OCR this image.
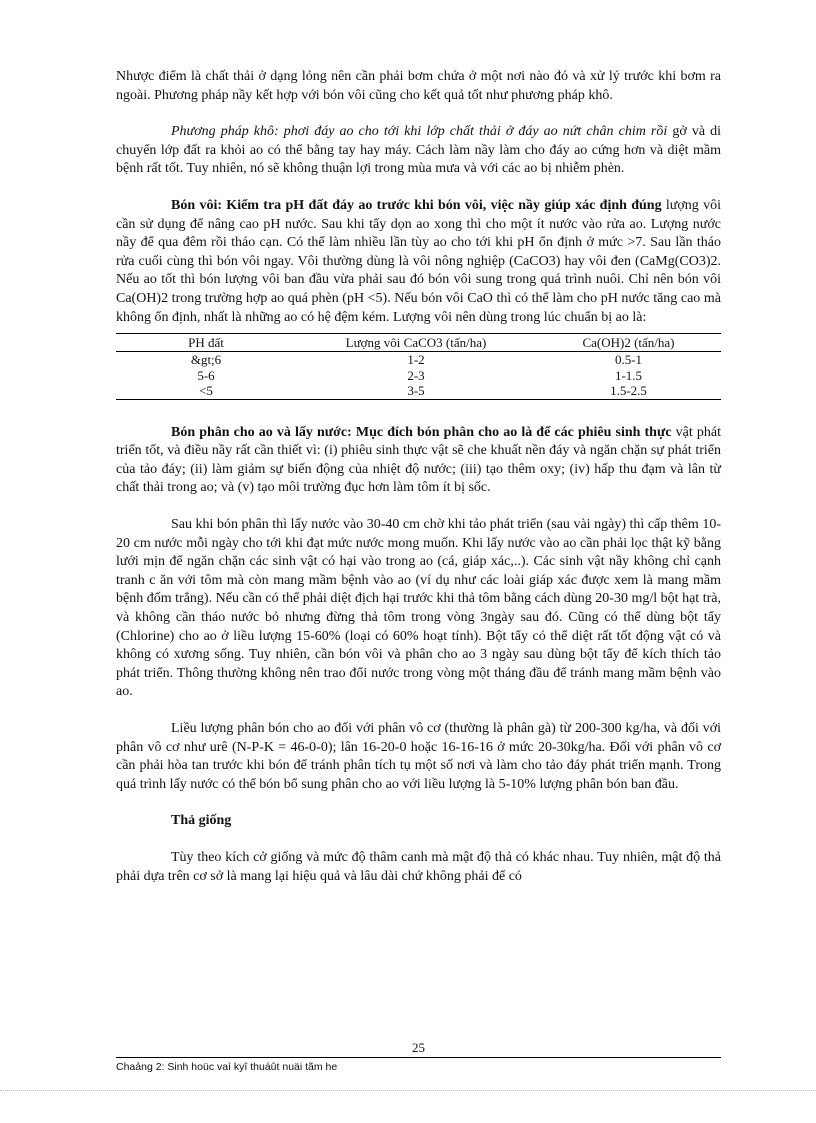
Nhược điểm là chất thải ở dạng lỏng nên cần phải bơm chứa ở một nơi nào đó và xử lý trước khi bơm ra ngoài. Phương pháp nầy kết hợp với bón vôi cũng cho kết quả tốt như phương pháp khô.

Phương pháp khô: phơi đáy ao cho tới khi lớp chất thải ở đáy ao nứt chân chim rồi gở và di chuyển lớp đất ra khỏi ao có thể bằng tay hay máy. Cách làm nầy làm cho đáy ao cứng hơn và diệt mầm bệnh rất tốt. Tuy nhiên, nó sẽ không thuận lợi trong mùa mưa và với các ao bị nhiễm phèn.

Bón vôi: Kiểm tra pH đất đáy ao trước khi bón vôi, việc nầy giúp xác định đúng lượng vôi cần sử dụng để nâng cao pH nước. Sau khi tẩy dọn ao xong thì cho một ít nước vào rửa ao. Lượng nước nầy để qua đêm rồi tháo cạn. Có thể làm nhiều lần tùy ao cho tới khi pH ổn định ở mức >7. Sau lần tháo rửa cuối cùng thì bón vôi ngay. Vôi thường dùng là vôi nông nghiệp (CaCO3) hay vôi đen (CaMg(CO3)2. Nếu ao tốt thì bón lượng vôi ban đầu vừa phải sau đó bón vôi sung trong quá trình nuôi. Chỉ nên bón vôi Ca(OH)2 trong trường hợp ao quá phèn (pH <5). Nếu bón vôi CaO thì có thể làm cho pH nước tăng cao mà không ổn định, nhất là những ao có hệ đệm kém. Lượng vôi nên dùng trong lúc chuẩn bị ao là:

PH đất	Lượng vôi CaCO3 (tấn/ha)	Ca(OH)2 (tấn/ha)
&gt;6	1-2	0.5-1
5-6	2-3	1-1.5
<5	3-5	1.5-2.5

Bón phân cho ao và lấy nước: Mục đích bón phân cho ao là để các phiêu sinh thực vật phát triển tốt, và điều nầy rất cần thiết vì: (i) phiêu sinh thực vật sẽ che khuất nền đáy và ngăn chặn sự phát triển của tảo đáy; (ii) làm giảm sự biến động của nhiệt độ nước; (iii) tạo thêm oxy; (iv) hấp thu đạm và lân từ chất thải trong ao; và (v) tạo môi trường đục hơn làm tôm ít bị sốc.

Sau khi bón phân thì lấy nước vào 30-40 cm chờ khi tảo phát triển (sau vài ngày) thì cấp thêm 10-20 cm nước mỗi ngày cho tới khi đạt mức nước mong muốn. Khi lấy nước vào ao cần phải lọc thật kỹ bằng lưới mịn để ngăn chặn các sinh vật có hại vào trong ao (cá, giáp xác,..). Các sinh vật nầy không chỉ cạnh tranh c ăn với tôm mà còn mang mầm bệnh vào ao (ví dụ như các loài giáp xác được xem là mang mầm bệnh đốm trắng). Nếu cần có thể phải diệt địch hại trước khi thả tôm bằng cách dùng 20-30 mg/l bột hạt trà, và không cần tháo nước bỏ nhưng đừng thả tôm trong vòng 3ngày sau đó. Cũng có thể dùng bột tẩy (Chlorine) cho ao ở liều lượng 15-60% (loại có 60% hoạt tính). Bột tẩy có thể diệt rất tốt động vật có và không có xương sống. Tuy nhiên, cần bón vôi và phân cho ao 3 ngày sau dùng bột tẩy để kích thích tảo phát triển. Thông thường không nên trao đổi nước trong vòng một tháng đầu để tránh mang mầm bệnh vào ao.

Liều lượng phân bón cho ao đối với phân vô cơ (thường là phân gà) từ 200-300 kg/ha, và đối với phân vô cơ như urê (N-P-K = 46-0-0); lân 16-20-0 hoặc 16-16-16 ở mức 20-30kg/ha. Đối với phân vô cơ cần phải hòa tan trước khi bón để tránh phân tích tụ một số nơi và làm cho tảo đáy phát triển mạnh. Trong quá trình lấy nước có thể bón bổ sung phân cho ao với liều lượng là 5-10% lượng phân bón ban đầu.

Thả giống

Tùy theo kích cở giống và mức độ thâm canh mà mật độ thả có khác nhau. Tuy nhiên, mật độ thả phải dựa trên cơ sở là mang lại hiệu quả và lâu dài chứ không phải để có

25
Chaảng 2: Sinh hoüc vaì kyî thuáût nuäi tãm he
